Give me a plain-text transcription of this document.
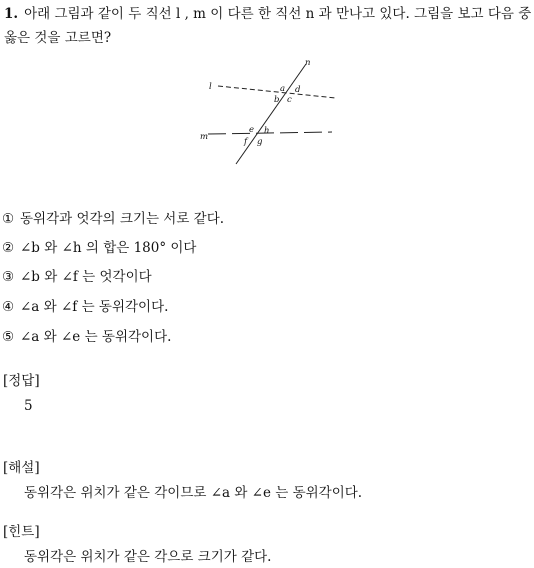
1. 아래 그림과 같이 두 직선 l , m 이 다른 한 직선 n 과 만나고 있다. 그림을 보고 다음 중 옳은 것을 고르면?
n
l
m
a d
b c
e h
f g
① 동위각과 엇각의 크기는 서로 같다.
② ∠b 와 ∠h 의 합은 180° 이다
③ ∠b 와 ∠f 는 엇각이다
④ ∠a 와 ∠f 는 동위각이다.
⑤ ∠a 와 ∠e 는 동위각이다.
[정답]
5
[해설]
동위각은 위치가 같은 각이므로 ∠a 와 ∠e 는 동위각이다.
[힌트]
동위각은 위치가 같은 각으로 크기가 같다.
